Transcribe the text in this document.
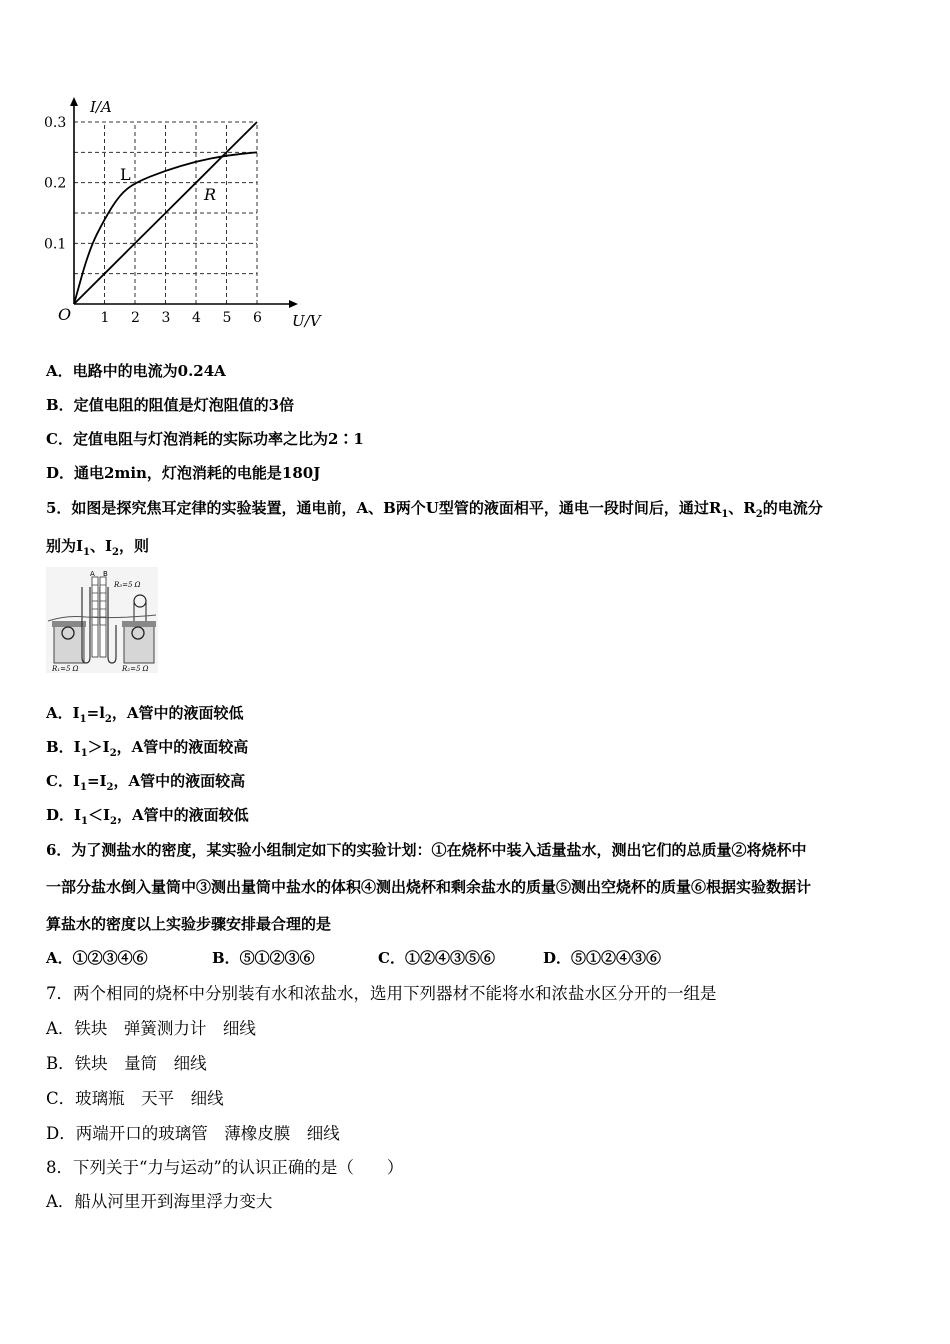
1 2 3 4 5 6
0.1
0.2
0.3
I/A
U/V
O
L
R
A．电路中的电流为0.24A
B．定值电阻的阻值是灯泡阻值的3倍
C．定值电阻与灯泡消耗的实际功率之比为2∶1
D．通电2min，灯泡消耗的电能是180J
5．如图是探究焦耳定律的实验装置，通电前，A、B两个U型管的液面相平，通电一段时间后，通过$R_1$、$R_2$的电流分
别为$I_1$、$I_2$，则
A B
R₃=5 Ω
R₁=5 Ω	R₂=5 Ω
A．$I_1=l_2$，A管中的液面较低
B．$I_1>I_2$，A管中的液面较高
C．$I_1=I_2$，A管中的液面较高
D．$I_1<I_2$，A管中的液面较低
6．为了测盐水的密度，某实验小组制定如下的实验计划：①在烧杯中装入适量盐水，测出它们的总质量②将烧杯中
一部分盐水倒入量筒中③测出量筒中盐水的体积④测出烧杯和剩余盐水的质量⑤测出空烧杯的质量⑥根据实验数据计
算盐水的密度以上实验步骤安排最合理的是
A．①②③④⑥	B．⑤①②③⑥	C．①②④③⑤⑥	D．⑤①②④③⑥
7．两个相同的烧杯中分别装有水和浓盐水，选用下列器材不能将水和浓盐水区分开的一组是
A．铁块　弹簧测力计　细线
B．铁块　量筒　细线
C．玻璃瓶　天平　细线
D．两端开口的玻璃管　薄橡皮膜　细线
8．下列关于“力与运动”的认识正确的是（　　）
A．船从河里开到海里浮力变大
